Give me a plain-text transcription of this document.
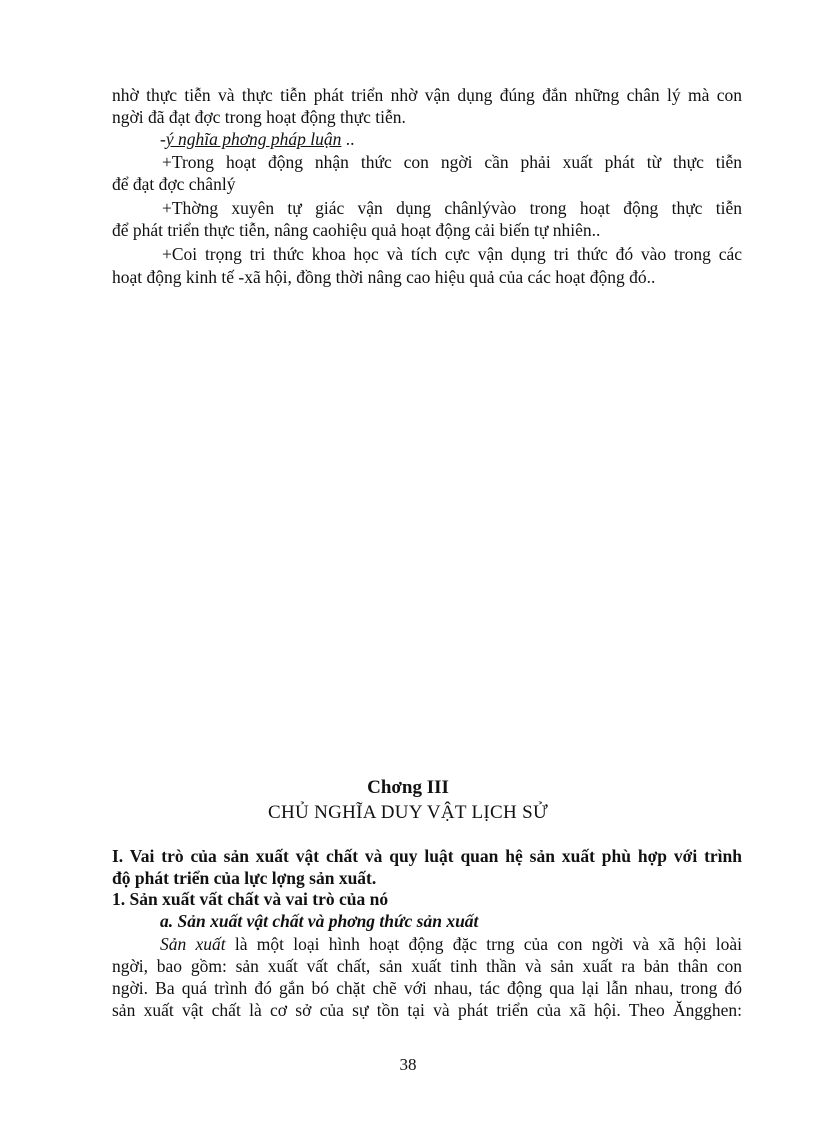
nhờ thực tiễn và thực tiễn phát triển nhờ vận dụng đúng đắn những chân lý mà con
ngời đã đạt đợc trong hoạt động thực tiễn.
-ý nghĩa phơng pháp luận ..
+Trong hoạt động nhận thức con ngời cần phải xuất phát từ thực tiễn
để đạt đợc chânlý
+Thờng xuyên tự giác vận dụng chânlývào trong hoạt động thực tiễn
để phát triển thực tiễn, nâng caohiệu quả hoạt động cải biến tự nhiên..
+Coi trọng tri thức khoa học và tích cực vận dụng tri thức đó vào trong các
hoạt động kinh tế -xã hội, đồng thời nâng cao hiệu quả của các hoạt động đó..
Chơng III
CHỦ NGHĨA DUY VẬT LỊCH SỬ
I. Vai trò của sản xuất vật chất và quy luật quan hệ sản xuất phù hợp với trình
độ phát triển của lực lợng sản xuất.
1. Sản xuất vất chất và vai trò của nó
a. Sản xuất vật chất và phơng thức sản xuất
Sản xuất là một loại hình hoạt động đặc trng của con ngời và xã hội loài
ngời, bao gồm: sản xuất vất chất, sản xuất tinh thần và sản xuất ra bản thân con
ngời. Ba quá trình đó gắn bó chặt chẽ với nhau, tác động qua lại lẫn nhau, trong đó
sản xuất vật chất là cơ sở của sự tồn tại và phát triển của xã hội. Theo Ăngghen:
38
